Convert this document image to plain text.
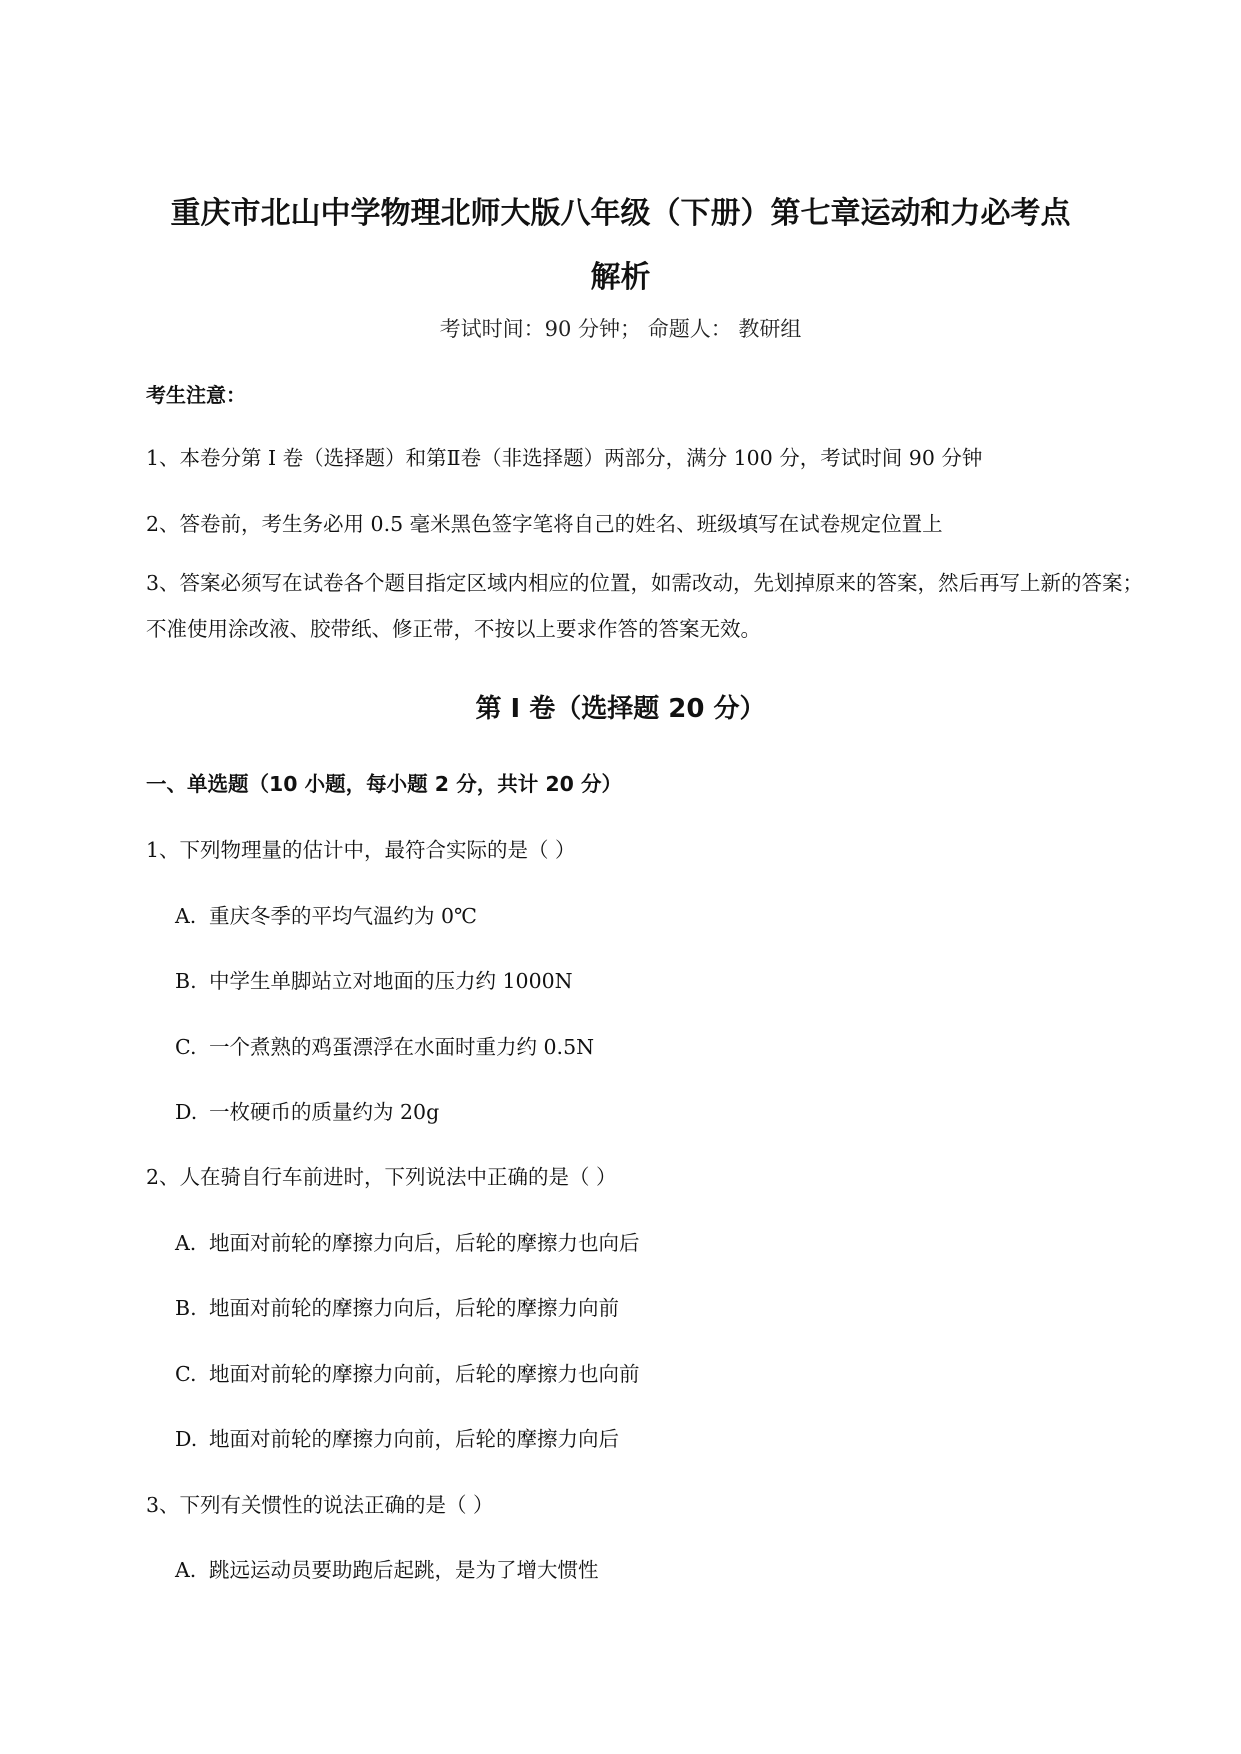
重庆市北山中学物理北师大版八年级（下册）第七章运动和力必考点
解析
考试时间：90 分钟； 命题人： 教研组
考生注意：
1、本卷分第 I 卷（选择题）和第Ⅱ卷（非选择题）两部分，满分 100 分，考试时间 90 分钟
2、答卷前，考生务必用 0.5 毫米黑色签字笔将自己的姓名、班级填写在试卷规定位置上
3、答案必须写在试卷各个题目指定区域内相应的位置，如需改动，先划掉原来的答案，然后再写上新的答案；不准使用涂改液、胶带纸、修正带，不按以上要求作答的答案无效。
第 I 卷（选择题 20 分）
一、单选题（10 小题，每小题 2 分，共计 20 分）
1、下列物理量的估计中，最符合实际的是（ ）
A. 重庆冬季的平均气温约为 0℃
B. 中学生单脚站立对地面的压力约 1000N
C. 一个煮熟的鸡蛋漂浮在水面时重力约 0.5N
D. 一枚硬币的质量约为 20g
2、人在骑自行车前进时，下列说法中正确的是（ ）
A. 地面对前轮的摩擦力向后，后轮的摩擦力也向后
B. 地面对前轮的摩擦力向后，后轮的摩擦力向前
C. 地面对前轮的摩擦力向前，后轮的摩擦力也向前
D. 地面对前轮的摩擦力向前，后轮的摩擦力向后
3、下列有关惯性的说法正确的是（ ）
A. 跳远运动员要助跑后起跳，是为了增大惯性
